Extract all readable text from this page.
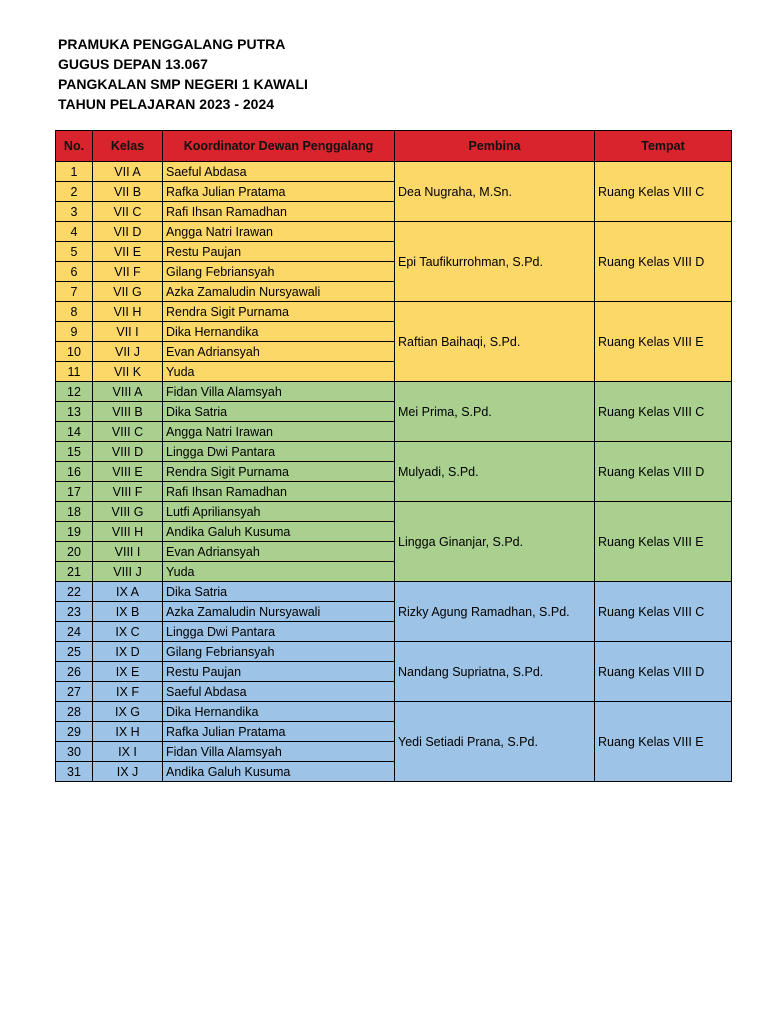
PRAMUKA PENGGALANG PUTRA
GUGUS DEPAN 13.067
PANGKALAN SMP NEGERI 1 KAWALI
TAHUN PELAJARAN 2023 - 2024
No.	Kelas	Koordinator Dewan Penggalang	Pembina	Tempat
1	VII A	Saeful Abdasa	Dea Nugraha, M.Sn.	Ruang Kelas VIII C
2	VII B	Rafka Julian Pratama		
3	VII C	Rafi Ihsan Ramadhan		
4	VII D	Angga Natri Irawan	Epi Taufikurrohman, S.Pd.	Ruang Kelas VIII D
5	VII E	Restu Paujan		
6	VII F	Gilang Febriansyah		
7	VII G	Azka Zamaludin Nursyawali		
8	VII H	Rendra Sigit Purnama	Raftian Baihaqi, S.Pd.	Ruang Kelas VIII E
9	VII I	Dika Hernandika		
10	VII J	Evan Adriansyah		
11	VII K	Yuda		
12	VIII A	Fidan Villa Alamsyah	Mei Prima, S.Pd.	Ruang Kelas VIII C
13	VIII B	Dika Satria		
14	VIII C	Angga Natri Irawan		
15	VIII D	Lingga Dwi Pantara	Mulyadi, S.Pd.	Ruang Kelas VIII D
16	VIII E	Rendra Sigit Purnama		
17	VIII F	Rafi Ihsan Ramadhan		
18	VIII G	Lutfi Apriliansyah	Lingga Ginanjar, S.Pd.	Ruang Kelas VIII E
19	VIII H	Andika Galuh Kusuma		
20	VIII I	Evan Adriansyah		
21	VIII J	Yuda		
22	IX A	Dika Satria	Rizky Agung Ramadhan, S.Pd.	Ruang Kelas VIII C
23	IX B	Azka Zamaludin Nursyawali		
24	IX C	Lingga Dwi Pantara		
25	IX D	Gilang Febriansyah	Nandang Supriatna, S.Pd.	Ruang Kelas VIII D
26	IX E	Restu Paujan		
27	IX F	Saeful Abdasa		
28	IX G	Dika Hernandika	Yedi Setiadi Prana, S.Pd.	Ruang Kelas VIII E
29	IX H	Rafka Julian Pratama		
30	IX I	Fidan Villa Alamsyah		
31	IX J	Andika Galuh Kusuma		
